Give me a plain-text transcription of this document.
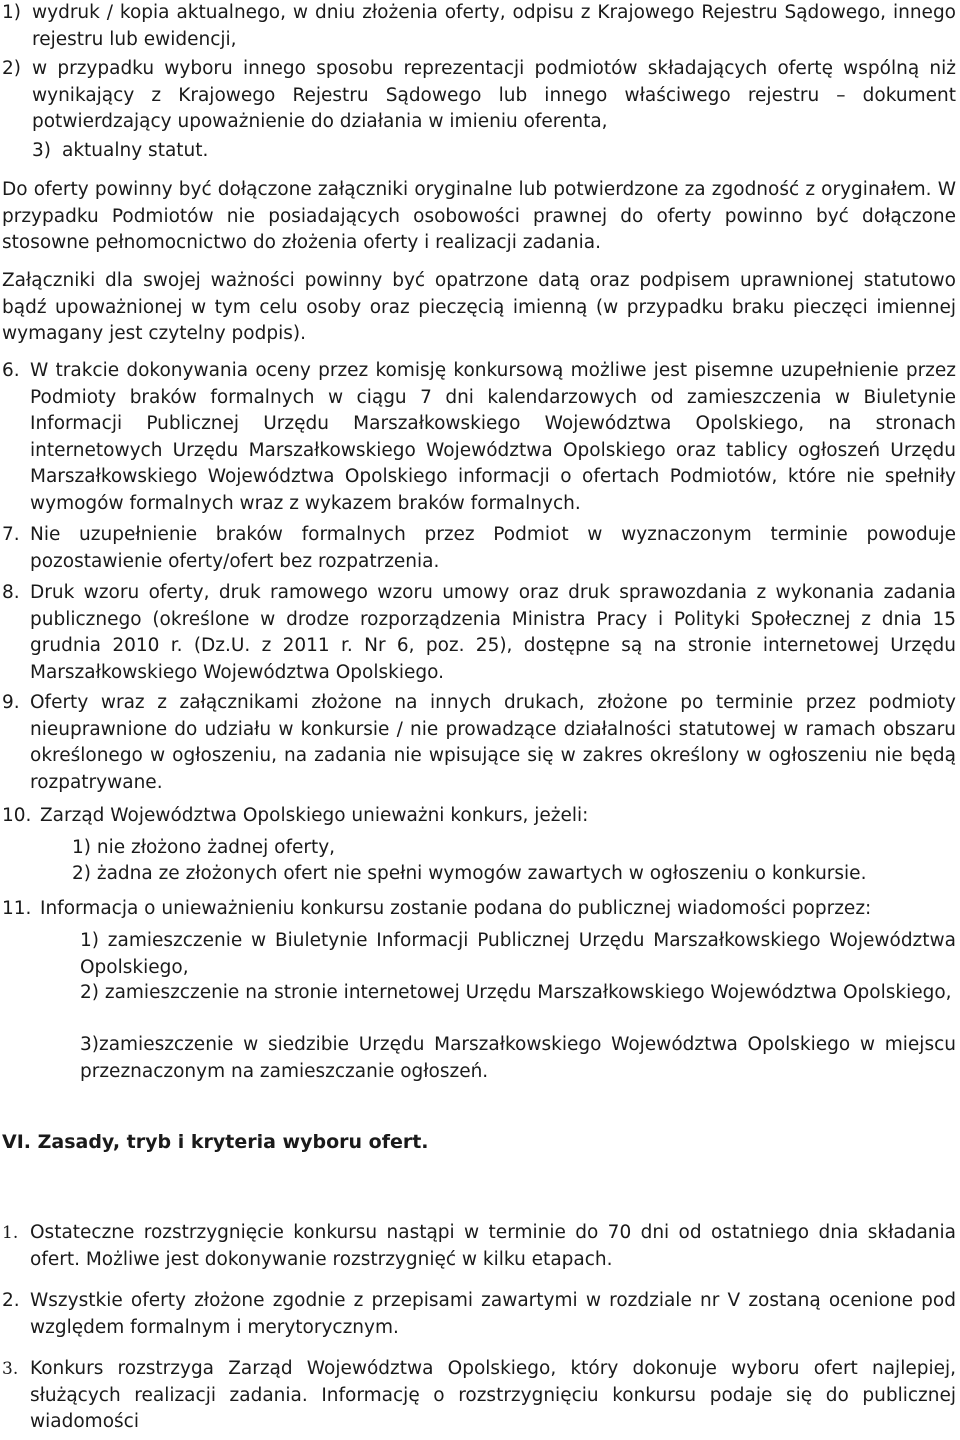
1) wydruk / kopia aktualnego, w dniu złożenia oferty, odpisu z Krajowego Rejestru Sądowego, innego rejestru lub ewidencji,
2) w przypadku wyboru innego sposobu reprezentacji podmiotów składających ofertę wspólną niż wynikający z Krajowego Rejestru Sądowego lub innego właściwego rejestru – dokument potwierdzający upoważnienie do działania w imieniu oferenta,
3) aktualny statut.
Do oferty powinny być dołączone załączniki oryginalne lub potwierdzone za zgodność z oryginałem. W przypadku Podmiotów nie posiadających osobowości prawnej do oferty powinno być dołączone stosowne pełnomocnictwo do złożenia oferty i realizacji zadania.
Załączniki dla swojej ważności powinny być opatrzone datą oraz podpisem uprawnionej statutowo bądź upoważnionej w tym celu osoby oraz pieczęcią imienną (w przypadku braku pieczęci imiennej wymagany jest czytelny podpis).
6. W trakcie dokonywania oceny przez komisję konkursową możliwe jest pisemne uzupełnienie przez Podmioty braków formalnych w ciągu 7 dni kalendarzowych od zamieszczenia w Biuletynie Informacji Publicznej Urzędu Marszałkowskiego Województwa Opolskiego, na stronach internetowych Urzędu Marszałkowskiego Województwa Opolskiego oraz tablicy ogłoszeń Urzędu Marszałkowskiego Województwa Opolskiego informacji o ofertach Podmiotów, które nie spełniły wymogów formalnych wraz z wykazem braków formalnych.
7. Nie uzupełnienie braków formalnych przez Podmiot w wyznaczonym terminie powoduje pozostawienie oferty/ofert bez rozpatrzenia.
8. Druk wzoru oferty, druk ramowego wzoru umowy oraz druk sprawozdania z wykonania zadania publicznego (określone w drodze rozporządzenia Ministra Pracy i Polityki Społecznej z dnia 15 grudnia 2010 r. (Dz.U. z 2011 r. Nr 6, poz. 25), dostępne są na stronie internetowej Urzędu Marszałkowskiego Województwa Opolskiego.
9. Oferty wraz z załącznikami złożone na innych drukach, złożone po terminie przez podmioty nieuprawnione do udziału w konkursie / nie prowadzące działalności statutowej w ramach obszaru określonego w ogłoszeniu, na zadania nie wpisujące się w zakres określony w ogłoszeniu nie będą rozpatrywane.
10. Zarząd Województwa Opolskiego unieważni konkurs, jeżeli:
1) nie złożono żadnej oferty,
2) żadna ze złożonych ofert nie spełni wymogów zawartych w ogłoszeniu o konkursie.
11. Informacja o unieważnieniu konkursu zostanie podana do publicznej wiadomości poprzez:
1) zamieszczenie w Biuletynie Informacji Publicznej Urzędu Marszałkowskiego Województwa Opolskiego,
2) zamieszczenie na stronie internetowej Urzędu Marszałkowskiego Województwa Opolskiego,
3)zamieszczenie w siedzibie Urzędu Marszałkowskiego Województwa Opolskiego w miejscu przeznaczonym na zamieszczanie ogłoszeń.
VI. Zasady, tryb i kryteria wyboru ofert.
1. Ostateczne rozstrzygnięcie konkursu nastąpi w terminie do 70 dni od ostatniego dnia składania ofert. Możliwe jest dokonywanie rozstrzygnięć w kilku etapach.
2. Wszystkie oferty złożone zgodnie z przepisami zawartymi w rozdziale nr V zostaną ocenione pod względem formalnym i merytorycznym.
3. Konkurs rozstrzyga Zarząd Województwa Opolskiego, który dokonuje wyboru ofert najlepiej, służących realizacji zadania. Informację o rozstrzygnięciu konkursu podaje się do publicznej wiadomości
